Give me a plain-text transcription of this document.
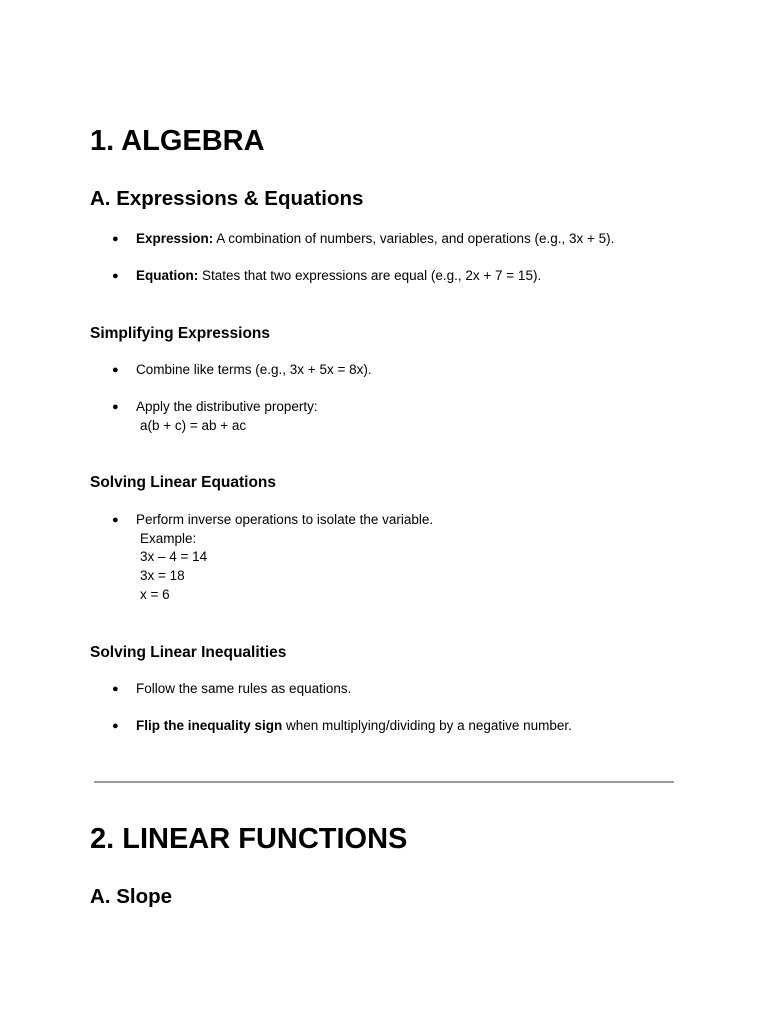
1. ALGEBRA
A. Expressions & Equations
● Expression: A combination of numbers, variables, and operations (e.g., 3x + 5).
● Equation: States that two expressions are equal (e.g., 2x + 7 = 15).
Simplifying Expressions
● Combine like terms (e.g., 3x + 5x = 8x).
● Apply the distributive property:
a(b + c) = ab + ac
Solving Linear Equations
● Perform inverse operations to isolate the variable.
Example:
3x – 4 = 14
3x = 18
x = 6
Solving Linear Inequalities
● Follow the same rules as equations.
● Flip the inequality sign when multiplying/dividing by a negative number.
2. LINEAR FUNCTIONS
A. Slope
